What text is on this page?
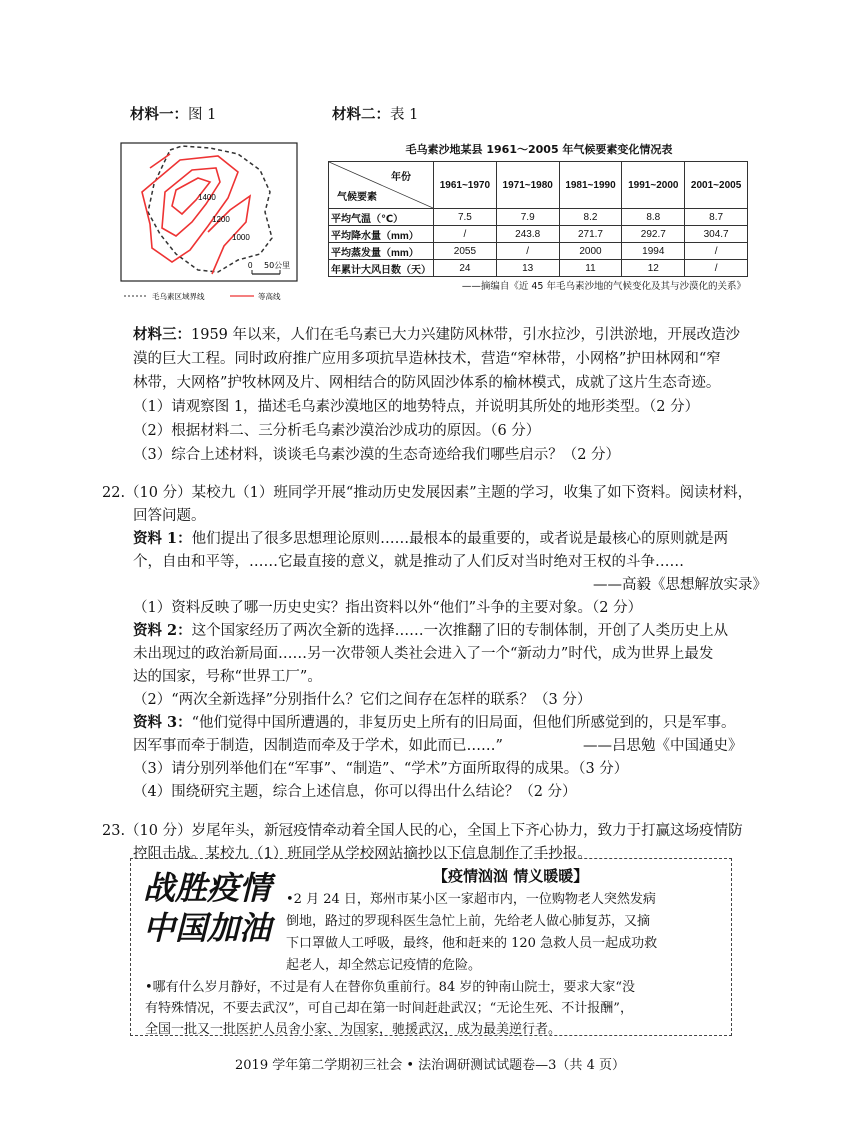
材料一：图 1	材料二：表 1
1400
1200
1000
0 50公里
毛乌素区域界线	等高线
毛乌素沙地某县 1961～2005 年气候要素变化情况表
年份
气候要素	1961~1970	1971~1980	1981~1990	1991~2000	2001~2005
平均气温（℃）	7.5	7.9	8.2	8.8	8.7
平均降水量（mm）	/	243.8	271.7	292.7	304.7
平均蒸发量（mm）	2055	/	2000	1994	/
年累计大风日数（天）	24	13	11	12	/
——摘编自《近 45 年毛乌素沙地的气候变化及其与沙漠化的关系》
材料三：1959 年以来，人们在毛乌素已大力兴建防风林带，引水拉沙，引洪淤地，开展改造沙
漠的巨大工程。同时政府推广应用多项抗旱造林技术，营造“窄林带，小网格”护田林网和“窄
林带，大网格”护牧林网及片、网相结合的防风固沙体系的榆林模式，成就了这片生态奇迹。
（1）请观察图 1，描述毛乌素沙漠地区的地势特点，并说明其所处的地形类型。（2 分）
（2）根据材料二、三分析毛乌素沙漠治沙成功的原因。（6 分）
（3）综合上述材料，谈谈毛乌素沙漠的生态奇迹给我们哪些启示？（2 分）
22.（10 分）某校九（1）班同学开展“推动历史发展因素”主题的学习，收集了如下资料。阅读材料，
回答问题。
资料 1：他们提出了很多思想理论原则……最根本的最重要的，或者说是最核心的原则就是两
个，自由和平等，……它最直接的意义，就是推动了人们反对当时绝对王权的斗争……
——高毅《思想解放实录》
（1）资料反映了哪一历史史实？指出资料以外“他们”斗争的主要对象。（2 分）
资料 2：这个国家经历了两次全新的选择……一次推翻了旧的专制体制，开创了人类历史上从
未出现过的政治新局面……另一次带领人类社会进入了一个“新动力”时代，成为世界上最发
达的国家，号称“世界工厂”。
（2）“两次全新选择”分别指什么？它们之间存在怎样的联系？（3 分）
资料 3：“他们觉得中国所遭遇的，非复历史上所有的旧局面，但他们所感觉到的，只是军事。
因军事而牵于制造，因制造而牵及于学术，如此而已……”	——吕思勉《中国通史》
（3）请分别列举他们在“军事”、“制造”、“学术”方面所取得的成果。（3 分）
（4）围绕研究主题，综合上述信息，你可以得出什么结论？（2 分）
23.（10 分）岁尾年头，新冠疫情牵动着全国人民的心，全国上下齐心协力，致力于打赢这场疫情防
控阻击战。某校九（1）班同学从学校网站摘抄以下信息制作了手抄报。
战胜疫情
中国加油
【疫情汹汹 情义暖暖】
•2 月 24 日，郑州市某小区一家超市内，一位购物老人突然发病
倒地，路过的罗现科医生急忙上前，先给老人做心肺复苏，又摘
下口罩做人工呼吸，最终，他和赶来的 120 急救人员一起成功救
起老人，却全然忘记疫情的危险。
•哪有什么岁月静好，不过是有人在替你负重前行。84 岁的钟南山院士，要求大家“没
有特殊情况，不要去武汉”，可自己却在第一时间赶赴武汉；“无论生死、不计报酬”，
全国一批又一批医护人员舍小家、为国家，驰援武汉，成为最美逆行者。
2019 学年第二学期初三社会 • 法治调研测试试题卷—3（共 4 页）
